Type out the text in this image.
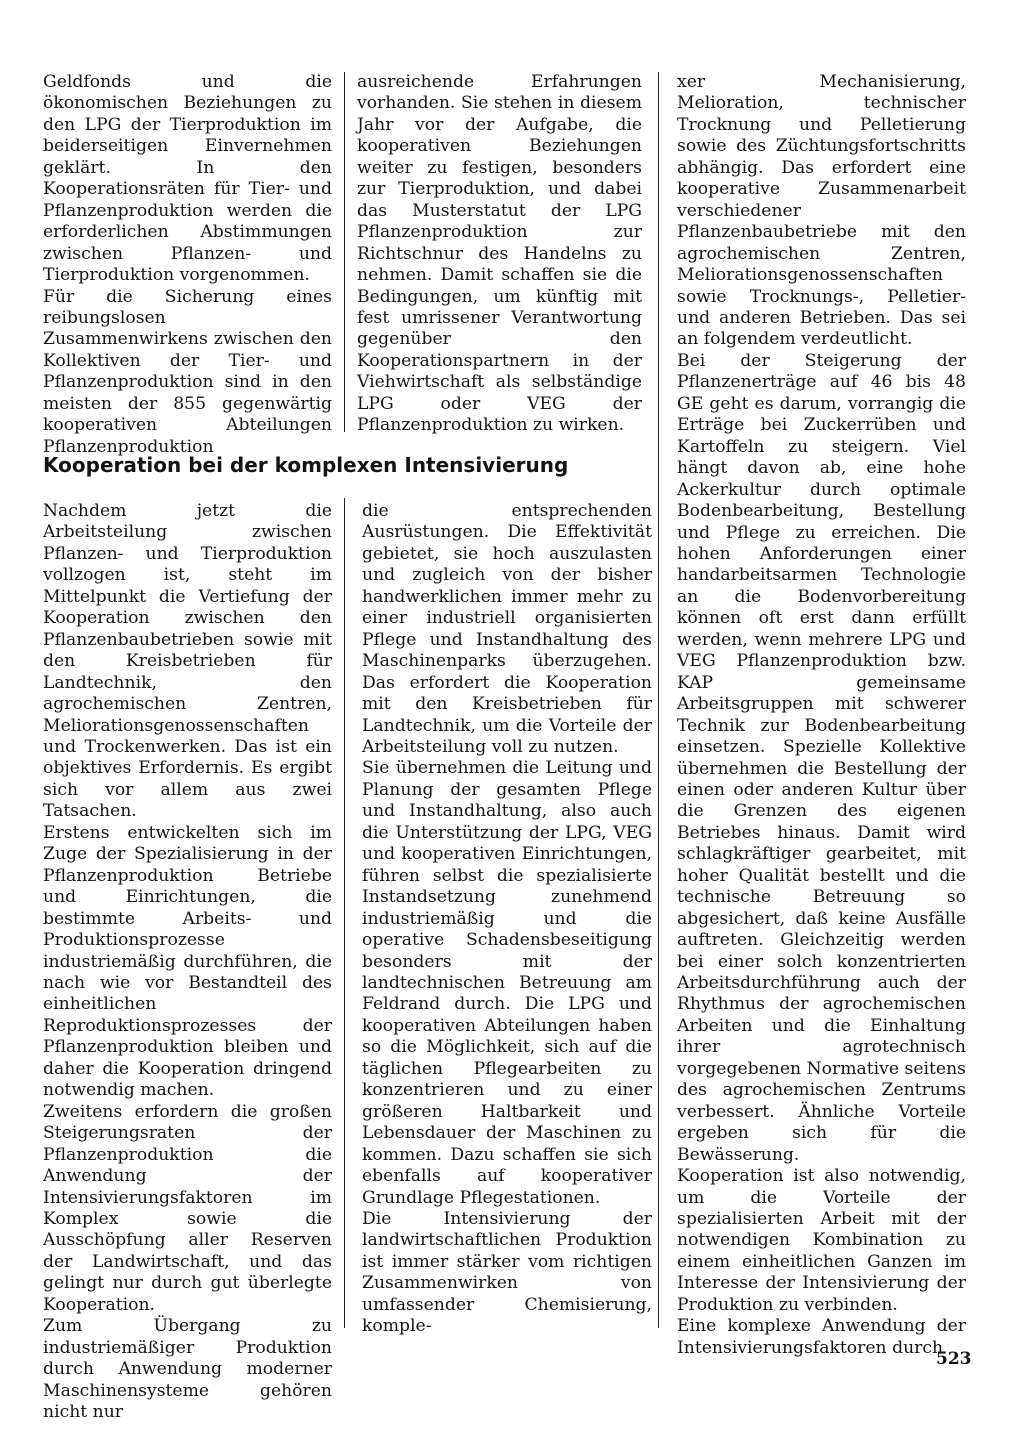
Geldfonds und die ökonomischen Beziehungen zu den LPG der Tierproduktion im beiderseitigen Einvernehmen geklärt. In den Kooperationsräten für Tier- und Pflanzenproduktion werden die erforderlichen Abstimmungen zwischen Pflanzen- und Tierproduktion vorgenommen.

Für die Sicherung eines reibungslosen Zusammenwirkens zwischen den Kollektiven der Tier- und Pflanzenproduktion sind in den meisten der 855 gegenwärtig kooperativen Abteilungen Pflanzenproduktion

ausreichende Erfahrungen vorhanden. Sie stehen in diesem Jahr vor der Aufgabe, die kooperativen Beziehungen weiter zu festigen, besonders zur Tierproduktion, und dabei das Musterstatut der LPG Pflanzenproduktion zur Richtschnur des Handelns zu nehmen. Damit schaffen sie die Bedingungen, um künftig mit fest umrissener Verantwortung gegenüber den Kooperationspartnern in der Viehwirtschaft als selbständige LPG oder VEG der Pflanzenproduktion zu wirken.

Kooperation bei der komplexen Intensivierung

Nachdem jetzt die Arbeitsteilung zwischen Pflanzen- und Tierproduktion vollzogen ist, steht im Mittelpunkt die Vertiefung der Kooperation zwischen den Pflanzenbaubetrieben sowie mit den Kreisbetrieben für Landtechnik, den agrochemischen Zentren, Meliorationsgenossenschaften und Trockenwerken. Das ist ein objektives Erfordernis. Es ergibt sich vor allem aus zwei Tatsachen.

Erstens entwickelten sich im Zuge der Spezialisierung in der Pflanzenproduktion Betriebe und Einrichtungen, die bestimmte Arbeits- und Produktionsprozesse industriemäßig durchführen, die nach wie vor Bestandteil des einheitlichen Reproduktionsprozesses der Pflanzenproduktion bleiben und daher die Kooperation dringend notwendig machen.

Zweitens erfordern die großen Steigerungsraten der Pflanzenproduktion die Anwendung der Intensivierungsfaktoren im Komplex sowie die Ausschöpfung aller Reserven der Landwirtschaft, und das gelingt nur durch gut überlegte Kooperation.

Zum Übergang zu industriemäßiger Produktion durch Anwendung moderner Maschinensysteme gehören nicht nur

die entsprechenden Ausrüstungen. Die Effektivität gebietet, sie hoch auszulasten und zugleich von der bisher handwerklichen immer mehr zu einer industriell organisierten Pflege und Instandhaltung des Maschinenparks überzugehen. Das erfordert die Kooperation mit den Kreisbetrieben für Landtechnik, um die Vorteile der Arbeitsteilung voll zu nutzen.

Sie übernehmen die Leitung und Planung der gesamten Pflege und Instandhaltung, also auch die Unterstützung der LPG, VEG und kooperativen Einrichtungen, führen selbst die spezialisierte Instandsetzung zunehmend industriemäßig und die operative Schadensbeseitigung besonders mit der landtechnischen Betreuung am Feldrand durch. Die LPG und kooperativen Abteilungen haben so die Möglichkeit, sich auf die täglichen Pflegearbeiten zu konzentrieren und zu einer größeren Haltbarkeit und Lebensdauer der Maschinen zu kommen. Dazu schaffen sie sich ebenfalls auf kooperativer Grundlage Pflegestationen.

Die Intensivierung der landwirtschaftlichen Produktion ist immer stärker vom richtigen Zusammenwirken von umfassender Chemisierung, komple-

xer Mechanisierung, Melioration, technischer Trocknung und Pelletierung sowie des Züchtungsfortschritts abhängig. Das erfordert eine kooperative Zusammenarbeit verschiedener Pflanzenbaubetriebe mit den agrochemischen Zentren, Meliorationsgenossenschaften sowie Trocknungs-, Pelletier- und anderen Betrieben. Das sei an folgendem verdeutlicht.

Bei der Steigerung der Pflanzenerträge auf 46 bis 48 GE geht es darum, vorrangig die Erträge bei Zuckerrüben und Kartoffeln zu steigern. Viel hängt davon ab, eine hohe Ackerkultur durch optimale Bodenbearbeitung, Bestellung und Pflege zu erreichen. Die hohen Anforderungen einer handarbeitsarmen Technologie an die Bodenvorbereitung können oft erst dann erfüllt werden, wenn mehrere LPG und VEG Pflanzenproduktion bzw. KAP gemeinsame Arbeitsgruppen mit schwerer Technik zur Bodenbearbeitung einsetzen. Spezielle Kollektive übernehmen die Bestellung der einen oder anderen Kultur über die Grenzen des eigenen Betriebes hinaus. Damit wird schlagkräftiger gearbeitet, mit hoher Qualität bestellt und die technische Betreuung so abgesichert, daß keine Ausfälle auftreten. Gleichzeitig werden bei einer solch konzentrierten Arbeitsdurchführung auch der Rhythmus der agrochemischen Arbeiten und die Einhaltung ihrer agrotechnisch vorgegebenen Normative seitens des agrochemischen Zentrums verbessert. Ähnliche Vorteile ergeben sich für die Bewässerung.

Kooperation ist also notwendig, um die Vorteile der spezialisierten Arbeit mit der notwendigen Kombination zu einem einheitlichen Ganzen im Interesse der Intensivierung der Produktion zu verbinden.

Eine komplexe Anwendung der Intensivierungsfaktoren durch

523
